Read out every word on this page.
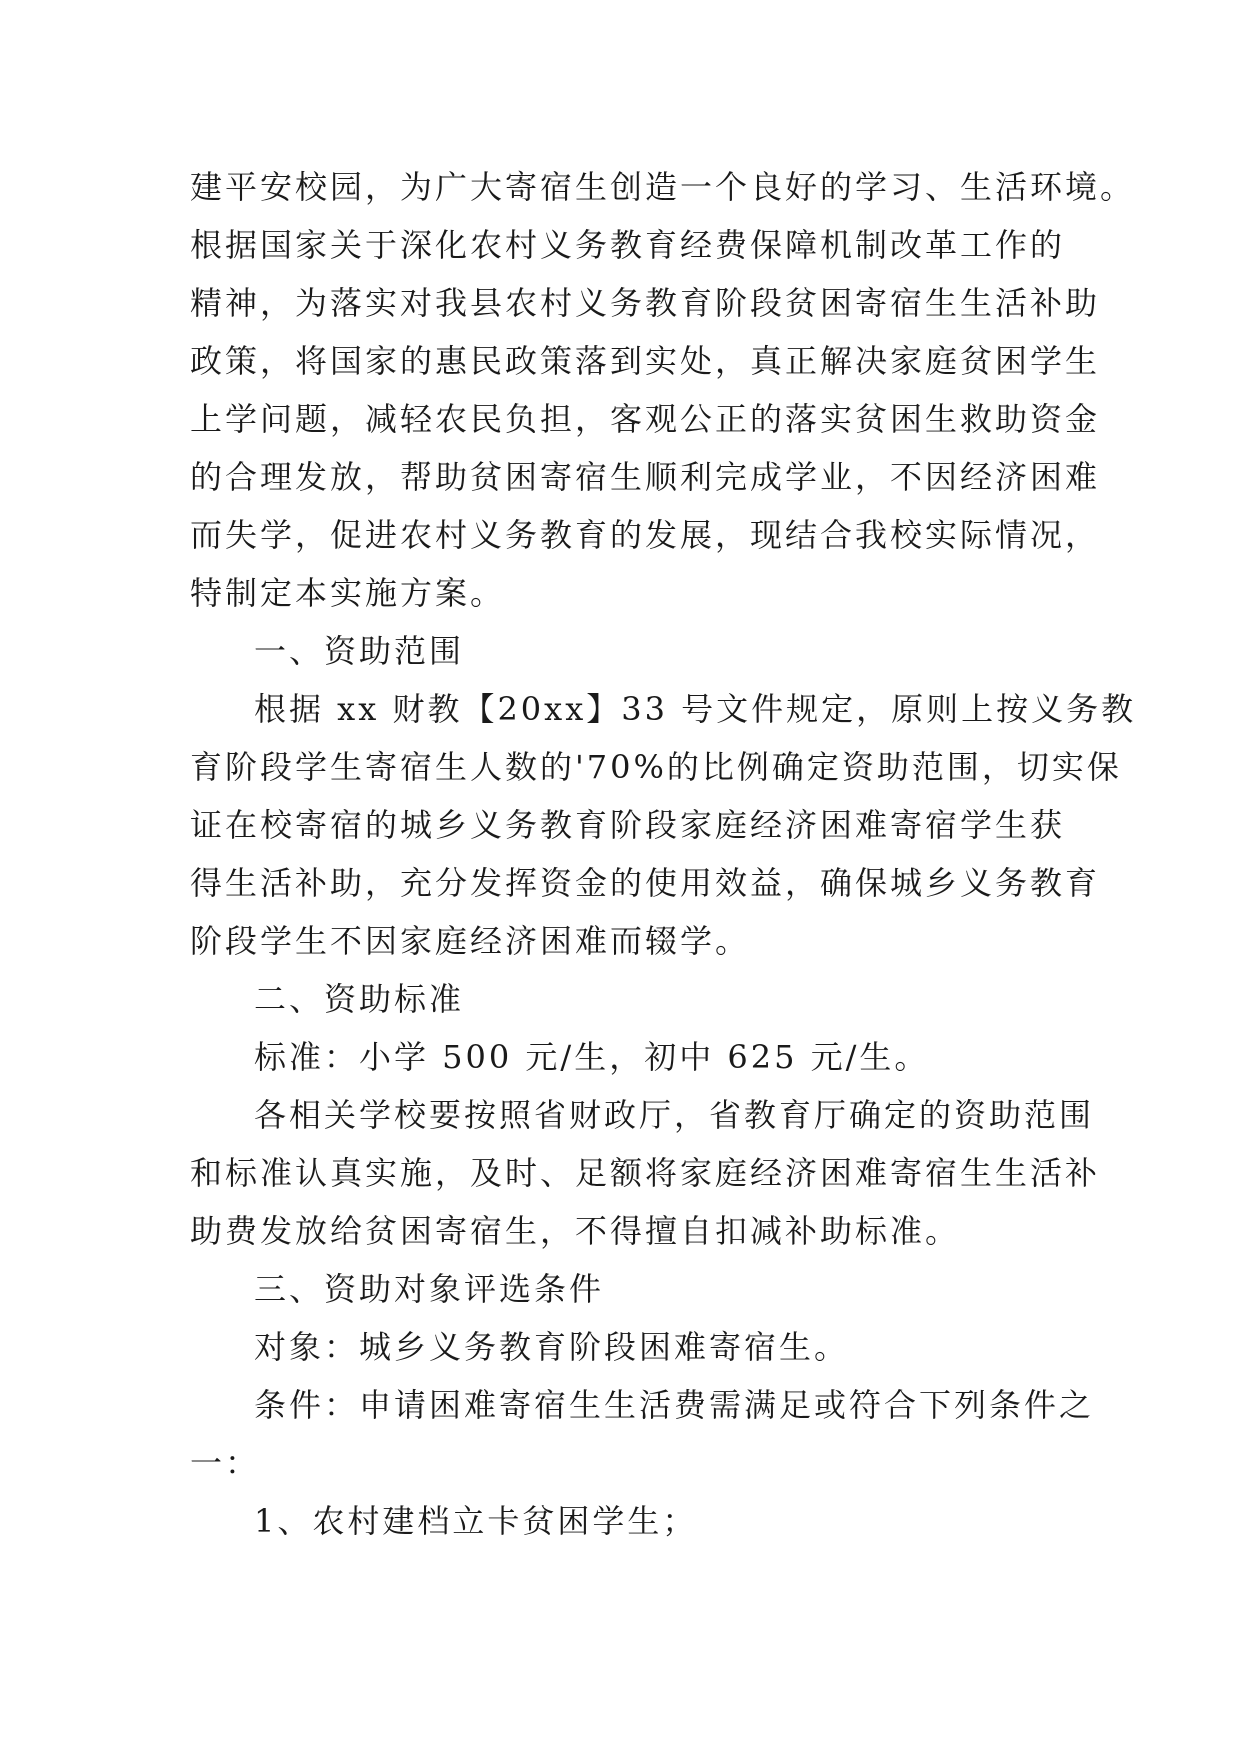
建平安校园，为广大寄宿生创造一个良好的学习、生活环境。
根据国家关于深化农村义务教育经费保障机制改革工作的
精神，为落实对我县农村义务教育阶段贫困寄宿生生活补助
政策，将国家的惠民政策落到实处，真正解决家庭贫困学生
上学问题，减轻农民负担，客观公正的落实贫困生救助资金
的合理发放，帮助贫困寄宿生顺利完成学业，不因经济困难
而失学，促进农村义务教育的发展，现结合我校实际情况，
特制定本实施方案。
一、资助范围
根据 xx 财教【20xx】33 号文件规定，原则上按义务教
育阶段学生寄宿生人数的'70%的比例确定资助范围，切实保
证在校寄宿的城乡义务教育阶段家庭经济困难寄宿学生获
得生活补助，充分发挥资金的使用效益，确保城乡义务教育
阶段学生不因家庭经济困难而辍学。
二、资助标准
标准：小学 500 元/生，初中 625 元/生。
各相关学校要按照省财政厅，省教育厅确定的资助范围
和标准认真实施，及时、足额将家庭经济困难寄宿生生活补
助费发放给贫困寄宿生，不得擅自扣减补助标准。
三、资助对象评选条件
对象：城乡义务教育阶段困难寄宿生。
条件：申请困难寄宿生生活费需满足或符合下列条件之
一：
1、农村建档立卡贫困学生；
